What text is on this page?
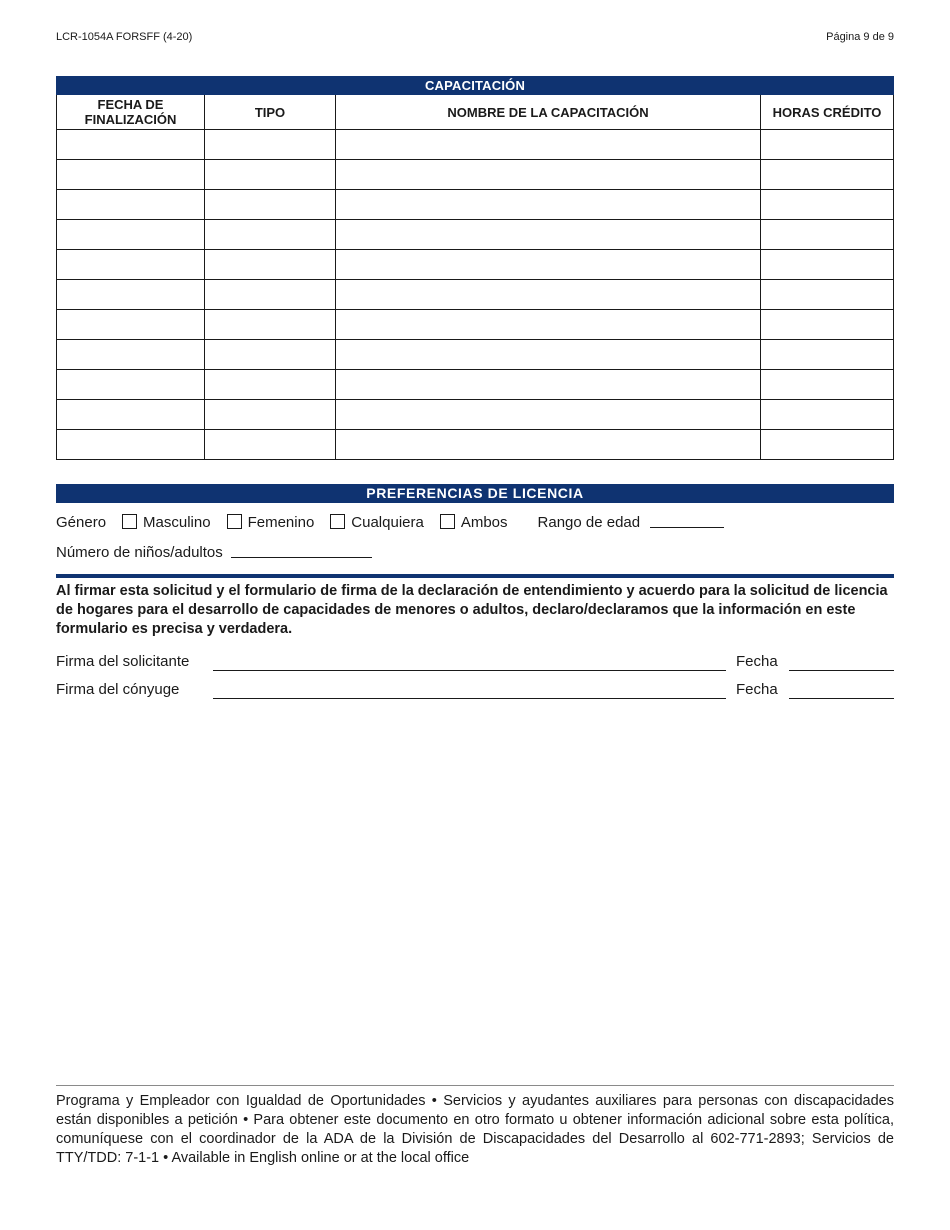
LCR-1054A FORSFF (4-20)	Página 9 de 9
CAPACITACIÓN			
FECHA DE
FINALIZACIÓN	TIPO	NOMBRE DE LA CAPACITACIÓN	HORAS CRÉDITO

PREFERENCIAS DE LICENCIA
Género Masculino Femenino Cualquiera Ambos Rango de edad
Número de niños/adultos
Al firmar esta solicitud y el formulario de firma de la declaración de entendimiento y acuerdo para la solicitud de licencia de hogares para el desarrollo de capacidades de menores o adultos, declaro/declaramos que la información en este formulario es precisa y verdadera.
Firma del solicitante	Fecha
Firma del cónyuge	Fecha
Programa y Empleador con Igualdad de Oportunidades • Servicios y ayudantes auxiliares para personas con discapacidades están disponibles a petición • Para obtener este documento en otro formato u obtener información adicional sobre esta política, comuníquese con el coordinador de la ADA de la División de Discapacidades del Desarrollo al 602-771-2893; Servicios de TTY/TDD: 7-1-1 • Available in English online or at the local office
